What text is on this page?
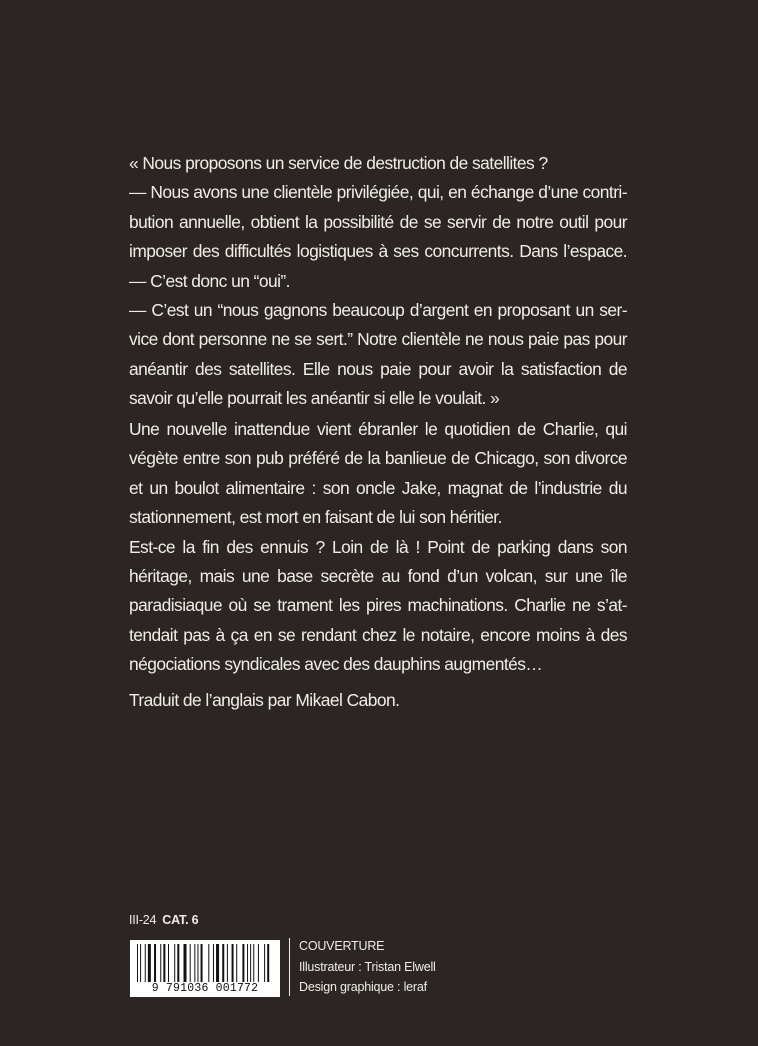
« Nous proposons un service de destruction de satellites ?
— Nous avons une clientèle privilégiée, qui, en échange d’une contri-
bution annuelle, obtient la possibilité de se servir de notre outil pour
imposer des difficultés logistiques à ses concurrents. Dans l’espace.
— C’est donc un “oui”.
— C’est un “nous gagnons beaucoup d’argent en proposant un ser-
vice dont personne ne se sert.” Notre clientèle ne nous paie pas pour
anéantir des satellites. Elle nous paie pour avoir la satisfaction de
savoir qu’elle pourrait les anéantir si elle le voulait. »
Une nouvelle inattendue vient ébranler le quotidien de Charlie, qui
végète entre son pub préféré de la banlieue de Chicago, son divorce
et un boulot alimentaire : son oncle Jake, magnat de l’industrie du
stationnement, est mort en faisant de lui son héritier.
Est-ce la fin des ennuis ? Loin de là ! Point de parking dans son
héritage, mais une base secrète au fond d’un volcan, sur une île
paradisiaque où se trament les pires machinations. Charlie ne s’at-
tendait pas à ça en se rendant chez le notaire, encore moins à des
négociations syndicales avec des dauphins augmentés…
Traduit de l’anglais par Mikael Cabon.
III-24 CAT. 6
9 791036 001772
COUVERTURE
Illustrateur : Tristan Elwell
Design graphique : leraf
